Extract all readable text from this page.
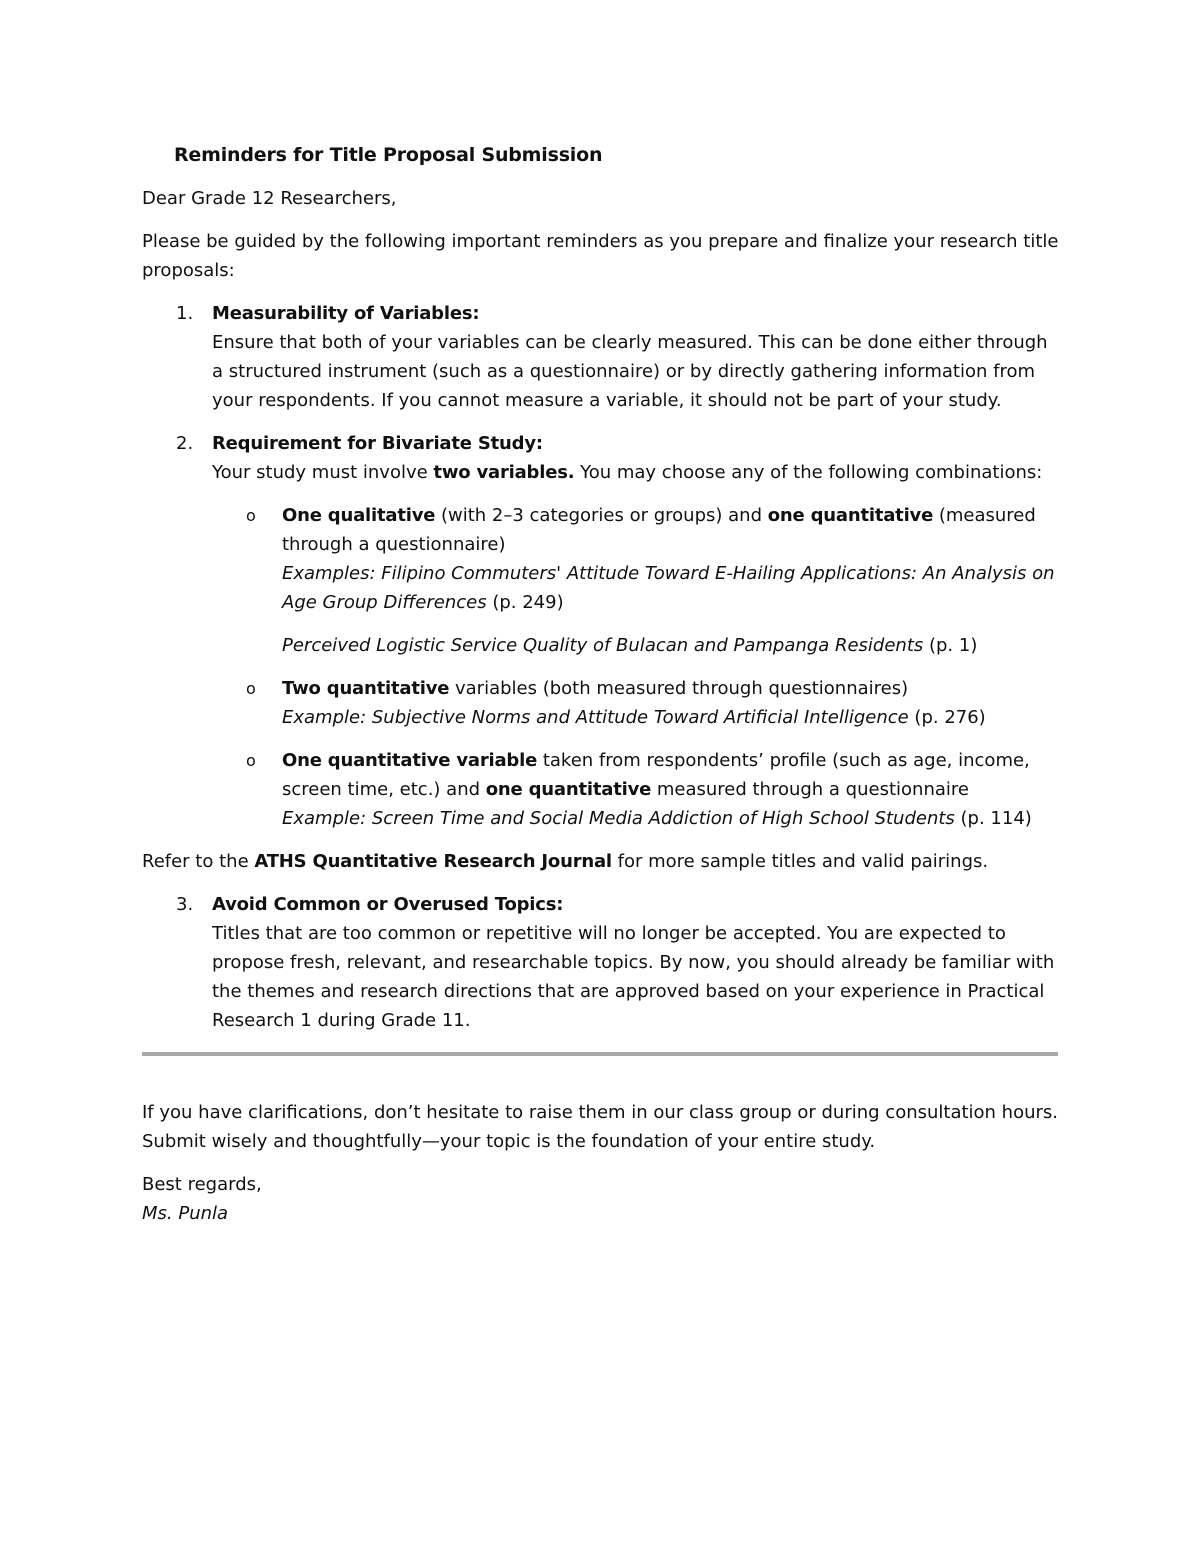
Reminders for Title Proposal Submission

Dear Grade 12 Researchers,

Please be guided by the following important reminders as you prepare and finalize your research title proposals:

1. Measurability of Variables:
Ensure that both of your variables can be clearly measured. This can be done either through a structured instrument (such as a questionnaire) or by directly gathering information from your respondents. If you cannot measure a variable, it should not be part of your study.
2. Requirement for Bivariate Study:
Your study must involve two variables. You may choose any of the following combinations:
o One qualitative (with 2–3 categories or groups) and one quantitative (measured through a questionnaire)
Examples: Filipino Commuters' Attitude Toward E-Hailing Applications: An Analysis on Age Group Differences (p. 249)
Perceived Logistic Service Quality of Bulacan and Pampanga Residents (p. 1)
o Two quantitative variables (both measured through questionnaires)
Example: Subjective Norms and Attitude Toward Artificial Intelligence (p. 276)
o One quantitative variable taken from respondents’ profile (such as age, income, screen time, etc.) and one quantitative measured through a questionnaire
Example: Screen Time and Social Media Addiction of High School Students (p. 114)

Refer to the ATHS Quantitative Research Journal for more sample titles and valid pairings.

3. Avoid Common or Overused Topics:
Titles that are too common or repetitive will no longer be accepted. You are expected to propose fresh, relevant, and researchable topics. By now, you should already be familiar with the themes and research directions that are approved based on your experience in Practical Research 1 during Grade 11.

If you have clarifications, don’t hesitate to raise them in our class group or during consultation hours.

Submit wisely and thoughtfully—your topic is the foundation of your entire study.

Best regards,

Ms. Punla
